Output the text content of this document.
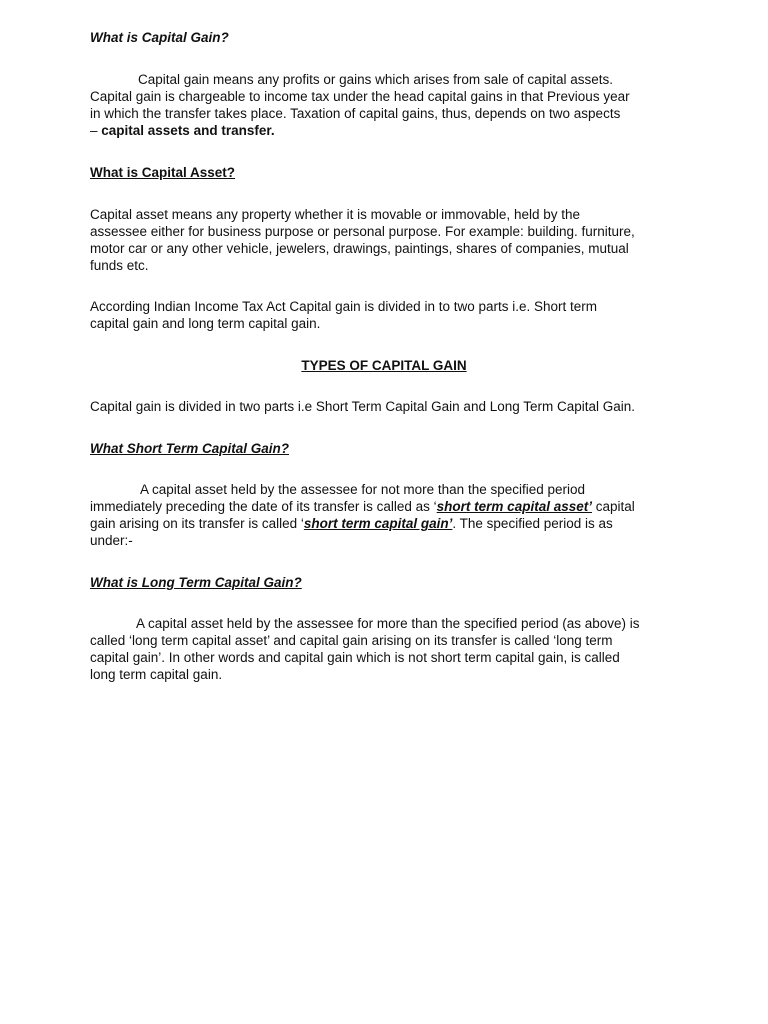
What is Capital Gain?
Capital gain means any profits or gains which arises from sale of capital assets.
Capital gain is chargeable to income tax under the head capital gains in that Previous year
in which the transfer takes place. Taxation of capital gains, thus, depends on two aspects
– capital assets and transfer.
What is Capital Asset?
Capital asset means any property whether it is movable or immovable, held by the
assessee either for business purpose or personal purpose. For example: building. furniture,
motor car or any other vehicle, jewelers, drawings, paintings, shares of companies, mutual
funds etc.
According Indian Income Tax Act Capital gain is divided in to two parts i.e. Short term
capital gain and long term capital gain.
TYPES OF CAPITAL GAIN
Capital gain is divided in two parts i.e Short Term Capital Gain and Long Term Capital Gain.
What Short Term Capital Gain?
A capital asset held by the assessee for not more than the specified period
immediately preceding the date of its transfer is called as ‘short term capital asset’ capital
gain arising on its transfer is called ‘short term capital gain’. The specified period is as
under:-
What is Long Term Capital Gain?
A capital asset held by the assessee for more than the specified period (as above) is
called ‘long term capital asset’ and capital gain arising on its transfer is called ‘long term
capital gain’. In other words and capital gain which is not short term capital gain, is called
long term capital gain.
